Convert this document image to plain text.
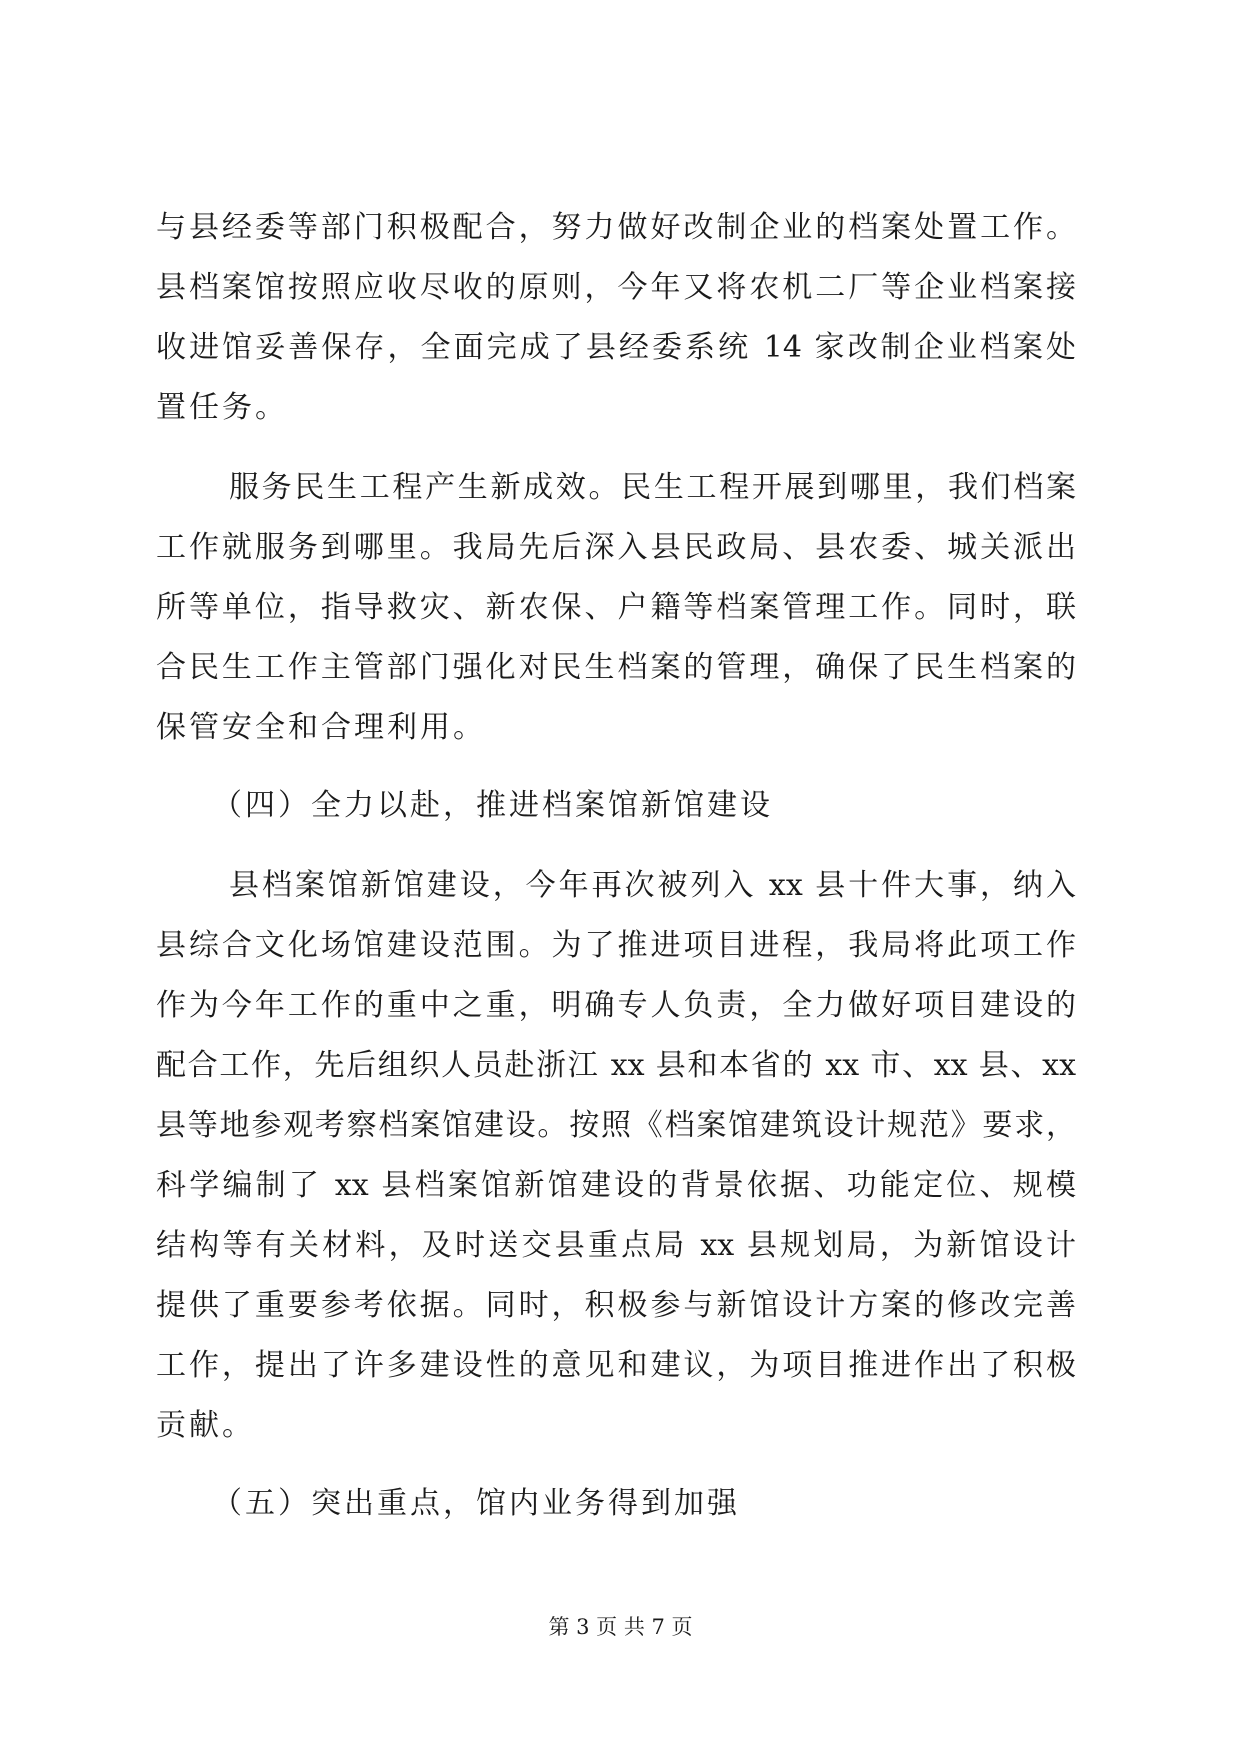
与县经委等部门积极配合，努力做好改制企业的档案处置工作。
县档案馆按照应收尽收的原则，今年又将农机二厂等企业档案接
收进馆妥善保存，全面完成了县经委系统 14 家改制企业档案处
置任务。
服务民生工程产生新成效。民生工程开展到哪里，我们档案
工作就服务到哪里。我局先后深入县民政局、县农委、城关派出
所等单位，指导救灾、新农保、户籍等档案管理工作。同时，联
合民生工作主管部门强化对民生档案的管理，确保了民生档案的
保管安全和合理利用。
（四）全力以赴，推进档案馆新馆建设
县档案馆新馆建设，今年再次被列入 xx 县十件大事，纳入
县综合文化场馆建设范围。为了推进项目进程，我局将此项工作
作为今年工作的重中之重，明确专人负责，全力做好项目建设的
配合工作，先后组织人员赴浙江 xx 县和本省的 xx 市、xx 县、xx
县等地参观考察档案馆建设。按照《档案馆建筑设计规范》要求，
科学编制了 xx 县档案馆新馆建设的背景依据、功能定位、规模
结构等有关材料，及时送交县重点局 xx 县规划局，为新馆设计
提供了重要参考依据。同时，积极参与新馆设计方案的修改完善
工作，提出了许多建设性的意见和建议，为项目推进作出了积极
贡献。
（五）突出重点，馆内业务得到加强
第 3 页 共 7 页
